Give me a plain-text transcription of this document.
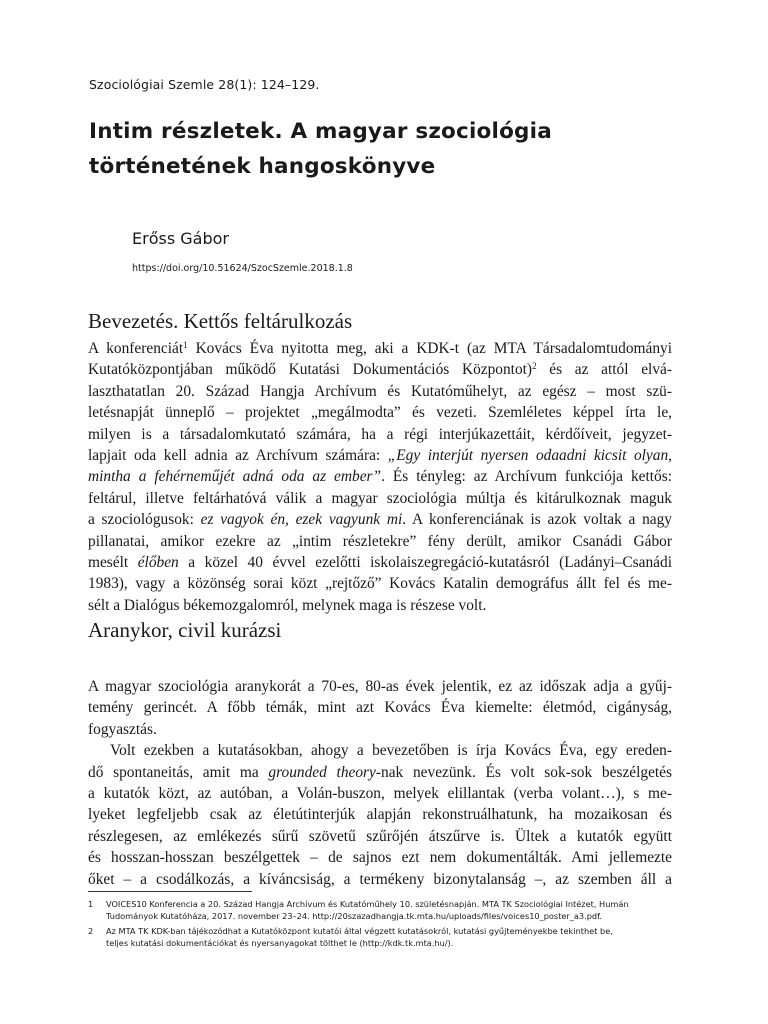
Szociológiai Szemle 28(1): 124–129.
Intim részletek. A magyar szociológia
történetének hangoskönyve
Erőss Gábor
https://doi.org/10.51624/SzocSzemle.2018.1.8
Bevezetés. Kettős feltárulkozás
A konferenciát$^1$ Kovács Éva nyitotta meg, aki a KDK-t (az MTA Társadalomtudományi
Kutatóközpontjában működő Kutatási Dokumentációs Központot)$^2$ és az attól elvá-
laszthatatlan 20. Század Hangja Archívum és Kutatóműhelyt, az egész – most szü-
letésnapját ünneplő – projektet „megálmodta” és vezeti. Szemléletes képpel írta le,
milyen is a társadalomkutató számára, ha a régi interjúkazettáit, kérdőíveit, jegyzet-
lapjait oda kell adnia az Archívum számára: „Egy interjút nyersen odaadni kicsit olyan,
mintha a fehérneműjét adná oda az ember”. És tényleg: az Archívum funkciója kettős:
feltárul, illetve feltárhatóvá válik a magyar szociológia múltja és kitárulkoznak maguk
a szociológusok: ez vagyok én, ezek vagyunk mi. A konferenciának is azok voltak a nagy
pillanatai, amikor ezekre az „intim részletekre” fény derült, amikor Csanádi Gábor
mesélt élőben a közel 40 évvel ezelőtti iskolaiszegregáció-kutatásról (Ladányi–Csanádi
1983), vagy a közönség sorai közt „rejtőző” Kovács Katalin demográfus állt fel és me-
sélt a Dialógus békemozgalomról, melynek maga is részese volt.
Aranykor, civil kurázsi
A magyar szociológia aranykorát a 70-es, 80-as évek jelentik, ez az időszak adja a gyűj-
temény gerincét. A főbb témák, mint azt Kovács Éva kiemelte: életmód, cigányság,
fogyasztás.
Volt ezekben a kutatásokban, ahogy a bevezetőben is írja Kovács Éva, egy ereden-
dő spontaneitás, amit ma grounded theory-nak nevezünk. És volt sok-sok beszélgetés
a kutatók közt, az autóban, a Volán-buszon, melyek elillantak (verba volant…), s me-
lyeket legfeljebb csak az életútinterjúk alapján rekonstruálhatunk, ha mozaikosan és
részlegesen, az emlékezés sűrű szövetű szűrőjén átszűrve is. Ültek a kutatók együtt
és hosszan-hosszan beszélgettek – de sajnos ezt nem dokumentálták. Ami jellemezte
őket – a csodálkozás, a kíváncsiság, a termékeny bizonytalanság –, az szemben áll a
1 VOICES10 Konferencia a 20. Század Hangja Archívum és Kutatóműhely 10. születésnapján. MTA TK Szociológiai Intézet, Humán
Tudományok Kutatóháza, 2017. november 23–24. http://20szazadhangja.tk.mta.hu/uploads/files/voices10_poster_a3.pdf.
2 Az MTA TK KDK-ban tájékozódhat a Kutatóközpont kutatói által végzett kutatásokról, kutatási gyűjteményekbe tekinthet be,
teljes kutatási dokumentációkat és nyersanyagokat tölthet le (http://kdk.tk.mta.hu/).
